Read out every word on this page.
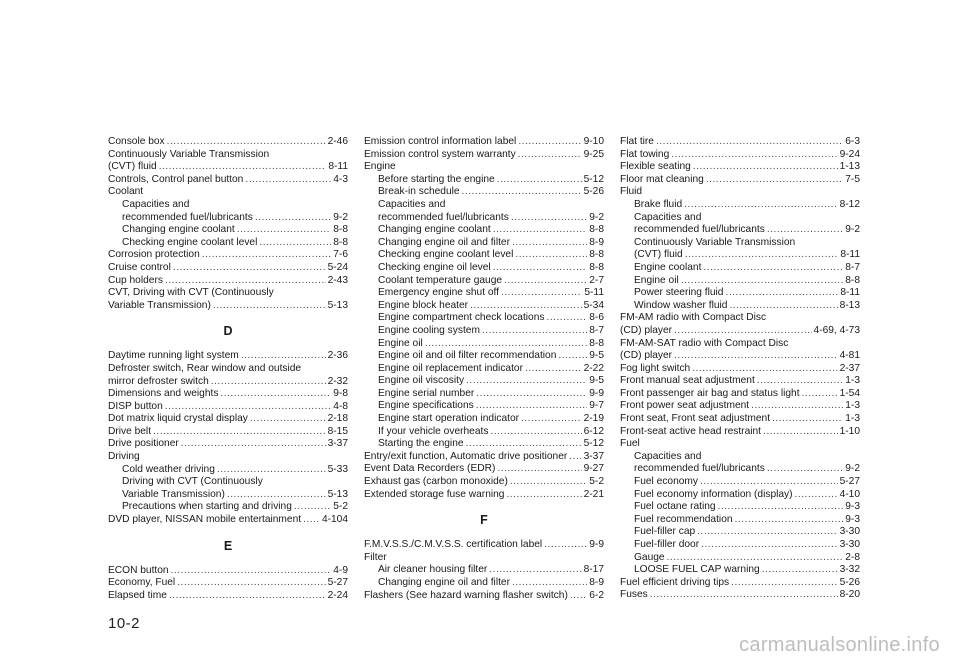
Console box .....	2-46
Continuously Variable Transmission
(CVT) fluid .....	8-11
Controls, Control panel button .....	4-3
Coolant
Capacities and
recommended fuel/lubricants .....	9-2
Changing engine coolant .....	8-8
Checking engine coolant level .....	8-8
Corrosion protection .....	7-6
Cruise control .....	5-24
Cup holders .....	2-43
CVT, Driving with CVT (Continuously
Variable Transmission) .....	5-13
D
Daytime running light system .....	2-36
Defroster switch, Rear window and outside
mirror defroster switch .....	2-32
Dimensions and weights .....	9-8
DISP button .....	4-8
Dot matrix liquid crystal display .....	2-18
Drive belt .....	8-15
Drive positioner .....	3-37
Driving
Cold weather driving .....	5-33
Driving with CVT (Continuously
Variable Transmission) .....	5-13
Precautions when starting and driving .....	5-2
DVD player, NISSAN mobile entertainment ..... 4-104
E
ECON button .....	4-9
Economy, Fuel .....	5-27
Elapsed time .....	2-24
Emission control information label .....	9-10
Emission control system warranty .....	9-25
Engine
Before starting the engine .....	5-12
Break-in schedule .....	5-26
Capacities and
recommended fuel/lubricants .....	9-2
Changing engine coolant .....	8-8
Changing engine oil and filter .....	8-9
Checking engine coolant level .....	8-8
Checking engine oil level .....	8-8
Coolant temperature gauge .....	2-7
Emergency engine shut off .....	5-11
Engine block heater .....	5-34
Engine compartment check locations .....	8-6
Engine cooling system .....	8-7
Engine oil .....	8-8
Engine oil and oil filter recommendation .....	9-5
Engine oil replacement indicator .....	2-22
Engine oil viscosity .....	9-5
Engine serial number .....	9-9
Engine specifications .....	9-7
Engine start operation indicator .....	2-19
If your vehicle overheats .....	6-12
Starting the engine .....	5-12
Entry/exit function, Automatic drive positioner ..... 3-37
Event Data Recorders (EDR) .....	9-27
Exhaust gas (carbon monoxide) .....	5-2
Extended storage fuse warning .....	2-21
F
F.M.V.S.S./C.M.V.S.S. certification label .....	9-9
Filter
Air cleaner housing filter .....	8-17
Changing engine oil and filter .....	8-9
Flashers (See hazard warning flasher switch) ..... 6-2
Flat tire .....	6-3
Flat towing .....	9-24
Flexible seating .....	1-13
Floor mat cleaning .....	7-5
Fluid
Brake fluid .....	8-12
Capacities and
recommended fuel/lubricants .....	9-2
Continuously Variable Transmission
(CVT) fluid .....	8-11
Engine coolant .....	8-7
Engine oil .....	8-8
Power steering fluid .....	8-11
Window washer fluid .....	8-13
FM-AM radio with Compact Disc
(CD) player .....	4-69, 4-73
FM-AM-SAT radio with Compact Disc
(CD) player .....	4-81
Fog light switch .....	2-37
Front manual seat adjustment .....	1-3
Front passenger air bag and status light .....	1-54
Front power seat adjustment .....	1-3
Front seat, Front seat adjustment .....	1-3
Front-seat active head restraint .....	1-10
Fuel
Capacities and
recommended fuel/lubricants .....	9-2
Fuel economy .....	5-27
Fuel economy information (display) .....	4-10
Fuel octane rating .....	9-3
Fuel recommendation .....	9-3
Fuel-filler cap .....	3-30
Fuel-filler door .....	3-30
Gauge .....	2-8
LOOSE FUEL CAP warning .....	3-32
Fuel efficient driving tips .....	5-26
Fuses .....	8-20
10-2
carmanualsonline.info
